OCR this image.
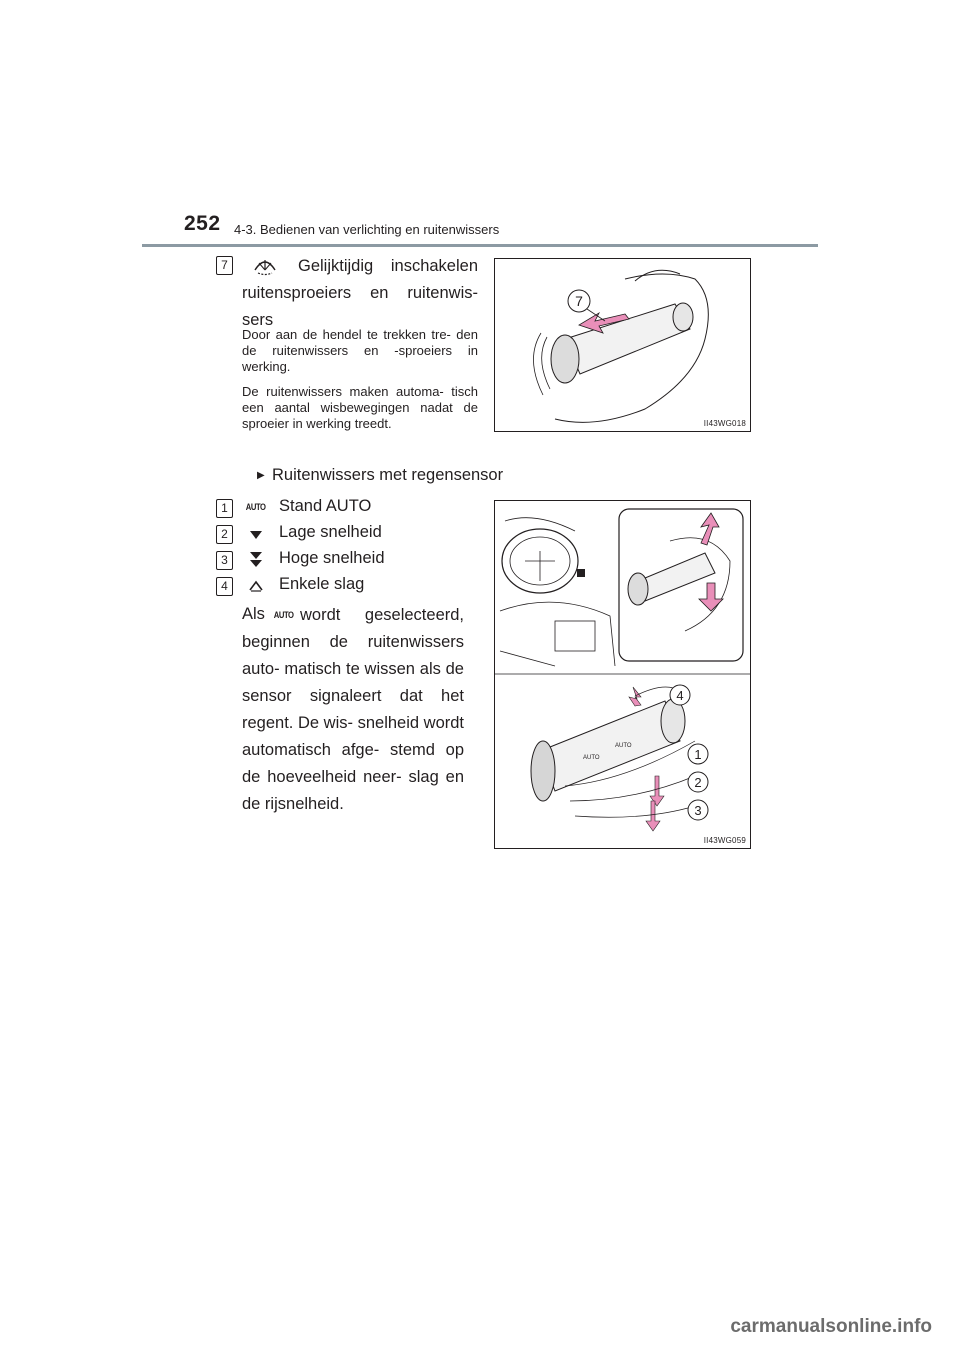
252 4-3. Bedienen van verlichting en ruitenwissers
7	Gelijktijdig inschakelen ruitensproeiers en ruitenwis- sers
Door aan de hendel te trekken tre- den de ruitenwissers en -sproeiers in werking.
De ruitenwissers maken automa- tisch een aantal wisbewegingen nadat de sproeier in werking treedt.
7
II43WG018
▶ Ruitenwissers met regensensor
1	AUTO Stand AUTO
2	Lage snelheid
3	Hoge snelheid
4	Enkele slag
Als AUTO wordt geselecteerd, beginnen de ruitenwissers auto- matisch te wissen als de sensor signaleert dat het regent. De wis- snelheid wordt automatisch afge- stemd op de hoeveelheid neer- slag en de rijsnelheid.
AUTO
AUTO
4
1
2
3
II43WG059
carmanualsonline.info
